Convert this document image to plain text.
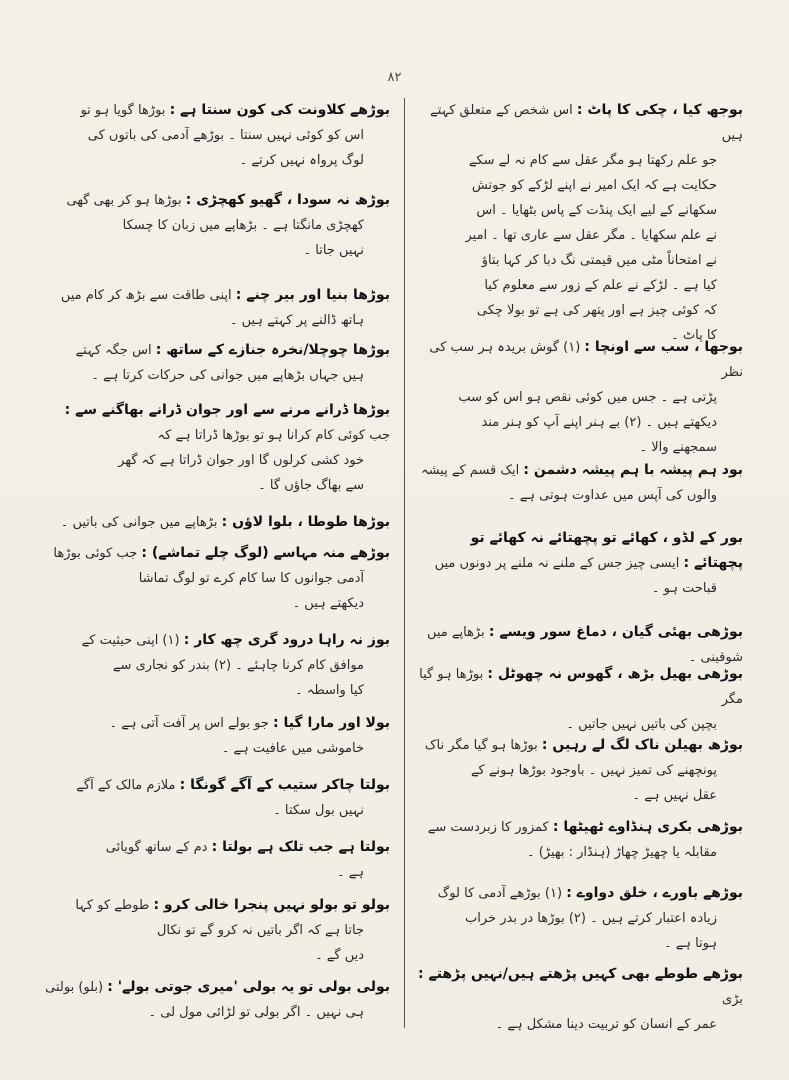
۸۲

بوجھ کیا ، چکی کا پاٹ : اس شخص کے متعلق کہتے ہیں

جو علم رکھتا ہو مگر عقل سے کام نہ لے سکے

حکایت ہے کہ ایک امیر نے اپنے لڑکے کو جوتش

سکھانے کے لیے ایک پنڈت کے پاس بٹھایا ۔ اس

نے علم سکھایا ۔ مگر عقل سے عاری تھا ۔ امیر

نے امتحاناً مٹی میں قیمتی نگ دبا کر کہا بتاؤ

کیا ہے ۔ لڑکے نے علم کے زور سے معلوم کیا

کہ کوئی چیز ہے اور پتھر کی ہے تو بولا چکی

کا پاٹ ۔

بوجھا ، سب سے اونچا : (۱) گوش بریدہ ہر سب کی نظر

پڑتی ہے ۔ جس میں کوئی نقص ہو اس کو سب

دیکھتے ہیں ۔ (۲) بے ہنر اپنے آپ کو ہنر مند

سمجھنے والا ۔

بود ہم پیشہ با ہم پیشہ دشمن : ایک قسم کے پیشہ

والوں کی آپس میں عداوت ہوتی ہے ۔

بور کے لڈو ، کھائے تو پچھتائے نہ کھائے تو پچھتائے : ایسی چیز جس کے ملنے نہ ملنے پر دونوں میں

قباحت ہو ۔

بوڑھی بھئی گیان ، دماغ سور ویسے : بڑھاپے میں شوقینی ۔

بوڑھی بھیل بڑھ ، گھوس نہ چھوٹل : بوڑھا ہو گیا مگر

بچپن کی باتیں نہیں جاتیں ۔

بوڑھ بھیلن ناک لگ لے رہیں : بوڑھا ہو گیا مگر ناک

پونچھنے کی تمیز نہیں ۔ باوجود بوڑھا ہونے کے

عقل نہیں ہے ۔

بوڑھی بکری ہنڈاوے ٹھیٹھا : کمزور کا زبردست سے

مقابلہ یا چھیڑ چھاڑ (ہنڈار : بھیڑ) ۔

بوڑھے باورے ، خلق دواوے : (۱) بوڑھے آدمی کا لوگ

زیادہ اعتبار کرتے ہیں ۔ (۲) بوڑھا در بدر خراب

ہوتا ہے ۔

بوڑھے طوطے بھی کہیں پڑھتے ہیں/نہیں پڑھتے : بڑی

عمر کے انسان کو تربیت دینا مشکل ہے ۔

بوڑھے کلاونت کی کون سنتا ہے : بوڑھا گویا ہو تو

اس کو کوئی نہیں سنتا ۔ بوڑھے آدمی کی باتوں کی

لوگ پرواہ نہیں کرتے ۔

بوڑھ نہ سودا ، گھیو کھچڑی : بوڑھا ہو کر بھی گھی

کھچڑی مانگتا ہے ۔ بڑھاپے میں زبان کا چسکا

نہیں جاتا ۔

بوڑھا بنیا اور بیر چنے : اپنی طاقت سے بڑھ کر کام میں

ہاتھ ڈالنے پر کہتے ہیں ۔

بوڑھا چوچلا/نخرہ جنازے کے ساتھ : اس جگہ کہتے

ہیں جہاں بڑھاپے میں جوانی کی حرکات کرتا ہے ۔

بوڑھا ڈرانے مرنے سے اور جوان ڈرانے بھاگنے سے : جب کوئی کام کرانا ہو تو بوڑھا ڈراتا ہے کہ

خود کشی کرلوں گا اور جوان ڈراتا ہے کہ گھر

سے بھاگ جاؤں گا ۔

بوڑھا طوطا ، بلوا لاؤں : بڑھاپے میں جوانی کی باتیں ۔

بوڑھے منہ مہاسے (لوگ چلے تماشے) : جب کوئی بوڑھا

آدمی جوانوں کا سا کام کرے تو لوگ تماشا

دیکھتے ہیں ۔

بوز نہ راہا درود گری چھ کار : (۱) اپنی حیثیت کے

موافق کام کرنا چاہئے ۔ (۲) بندر کو نجاری سے

کیا واسطہ ۔

بولا اور مارا گیا : جو بولے اس پر آفت آتی ہے ۔

خاموشی میں عافیت ہے ۔

بولتا چاکر ستیب کے آگے گونگا : ملازم مالک کے آگے

نہیں بول سکتا ۔

بولتا ہے جب تلک ہے بولتا : دم کے ساتھ گویائی

ہے ۔

بولو تو بولو نہیں پنجرا خالی کرو : طوطے کو کہا

جاتا ہے کہ اگر باتیں نہ کرو گے تو نکال

دیں گے ۔

بولی بولی تو یہ بولی 'میری جوتی بولے' : (بلو) بولتی

ہی نہیں ۔ اگر بولی تو لڑائی مول لی ۔
